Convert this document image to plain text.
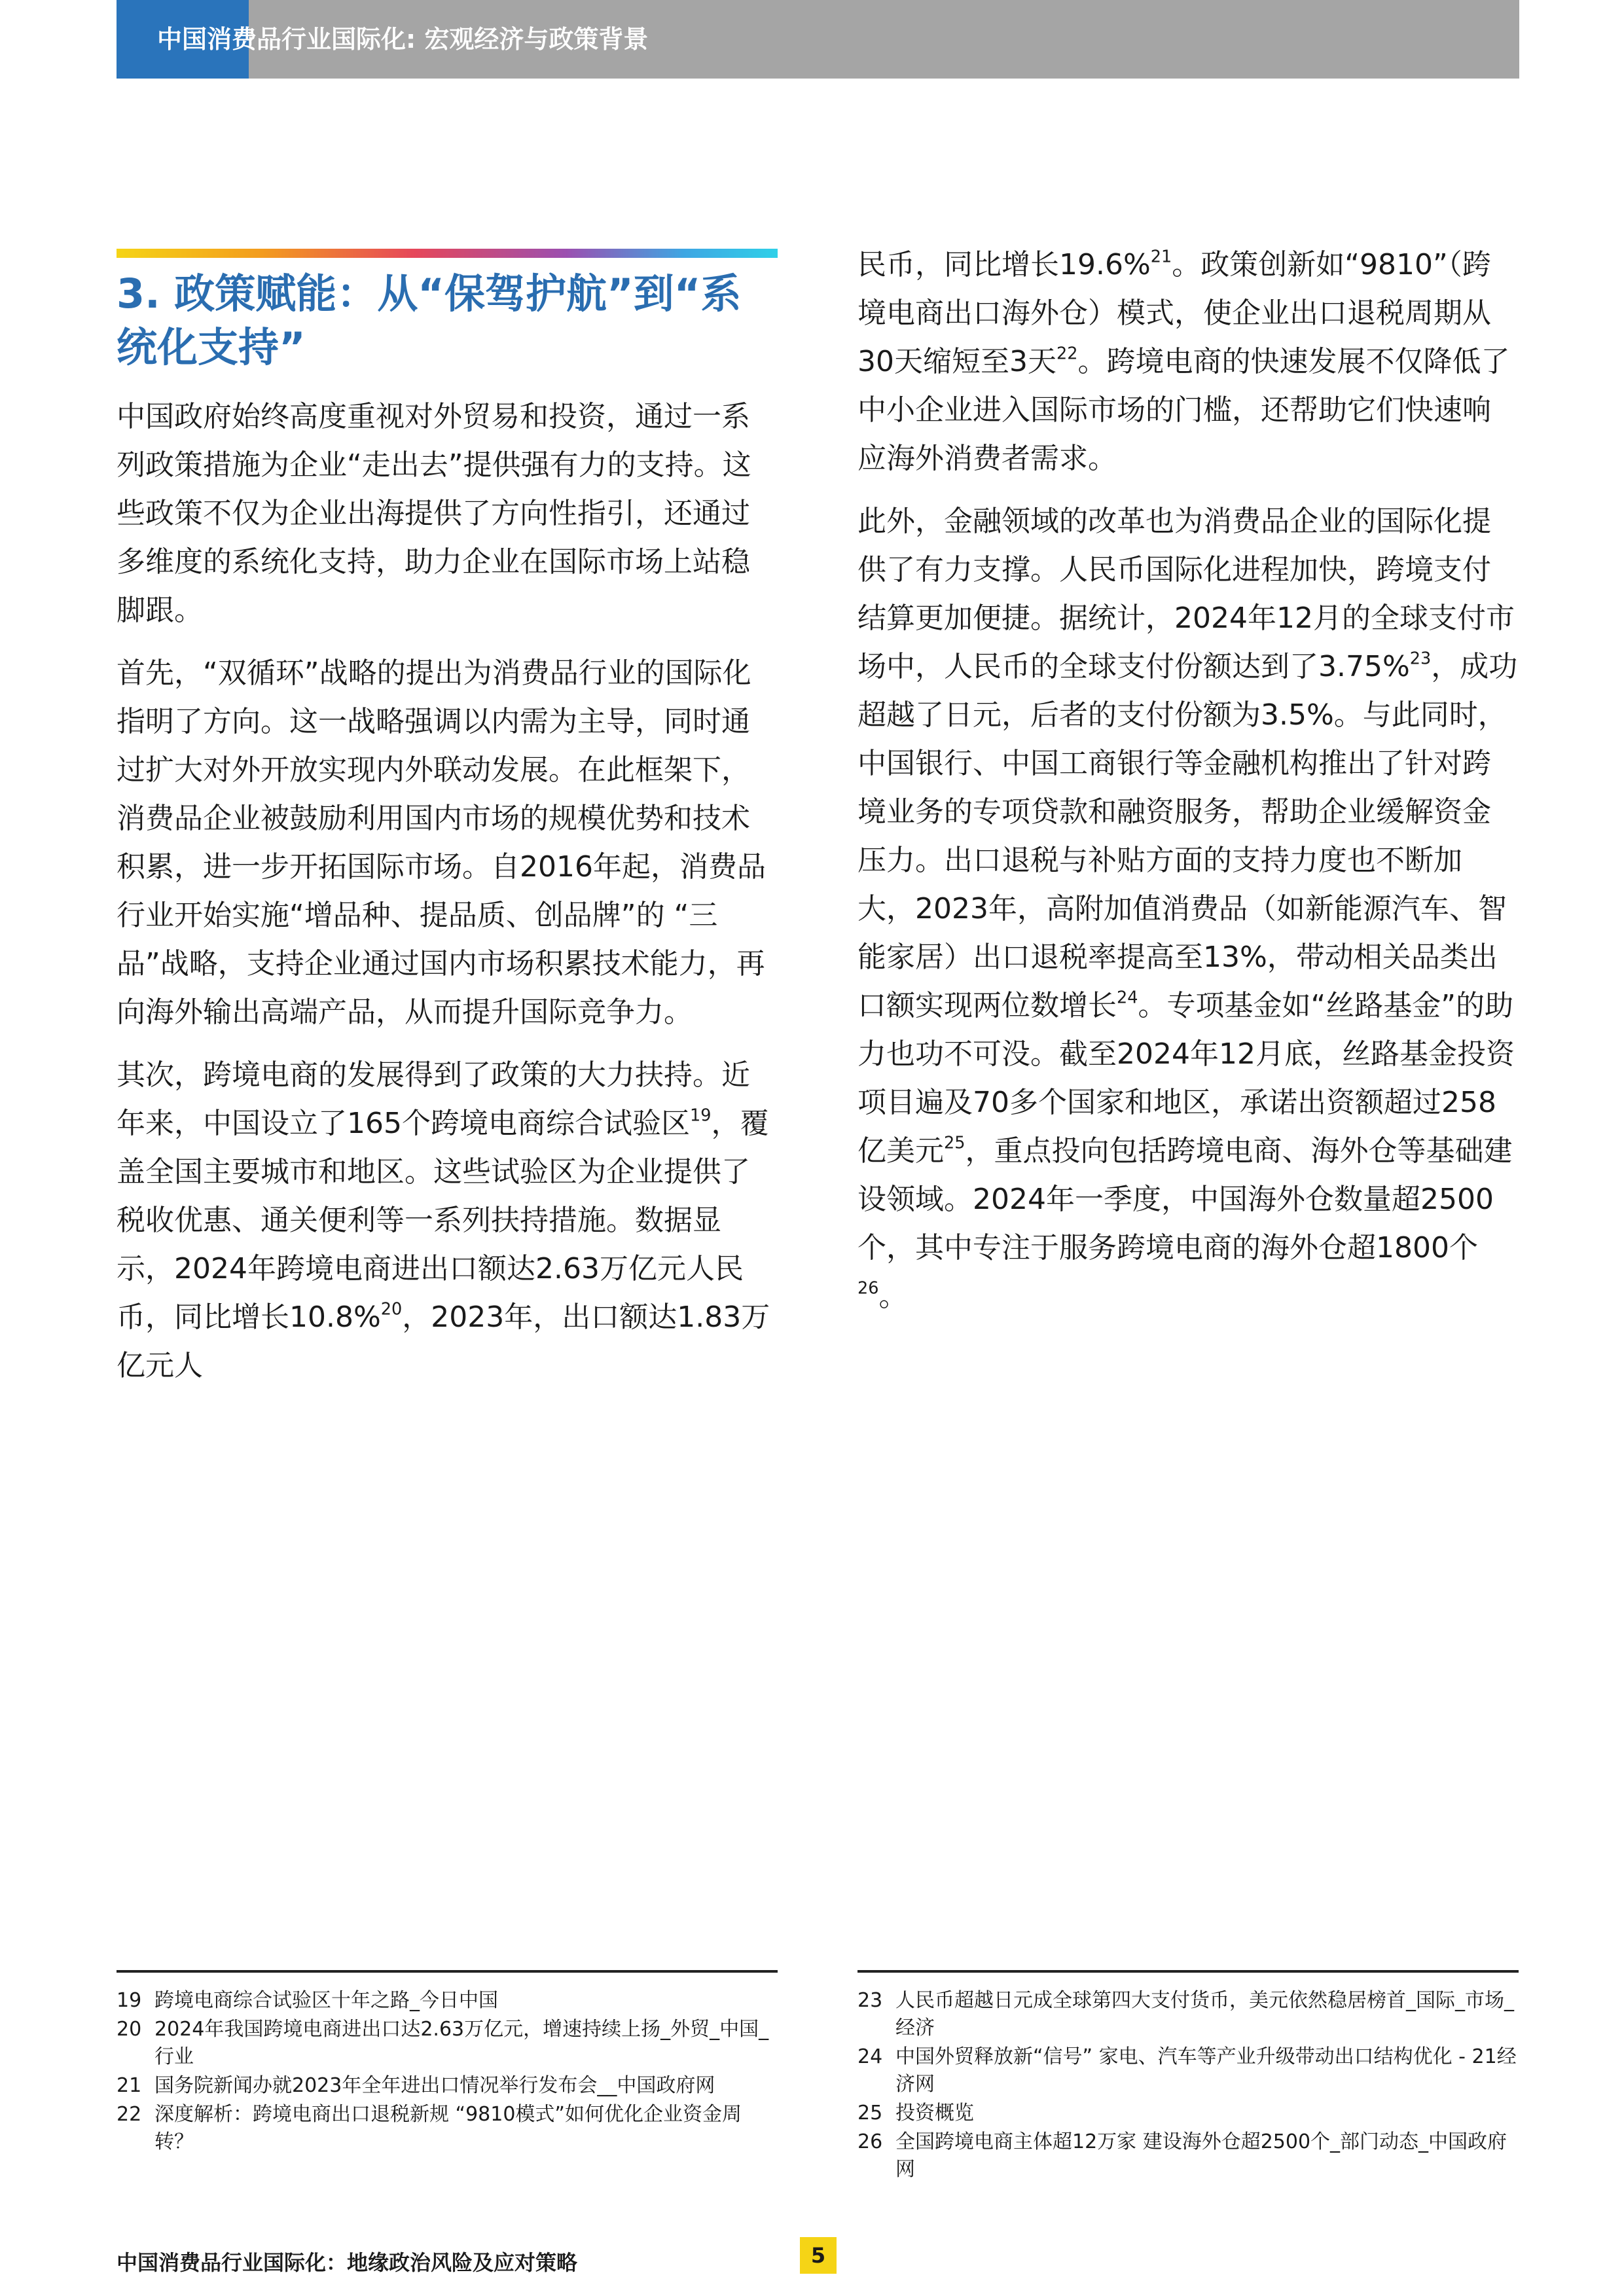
中国消费品行业国际化: 宏观经济与政策背景
3. 政策赋能：从“保驾护航”到“系统化支持”

中国政府始终高度重视对外贸易和投资，通过一系列政策措施为企业“走出去”提供强有力的支持。这些政策不仅为企业出海提供了方向性指引，还通过多维度的系统化支持，助力企业在国际市场上站稳脚跟。

首先，“双循环”战略的提出为消费品行业的国际化指明了方向。这一战略强调以内需为主导，同时通过扩大对外开放实现内外联动发展。在此框架下，消费品企业被鼓励利用国内市场的规模优势和技术积累，进一步开拓国际市场。自2016年起，消费品行业开始实施“增品种、提品质、创品牌”的 “三品”战略，支持企业通过国内市场积累技术能力，再向海外输出高端产品，从而提升国际竞争力。

其次，跨境电商的发展得到了政策的大力扶持。近年来，中国设立了165个跨境电商综合试验区$^{19}$，覆盖全国主要城市和地区。这些试验区为企业提供了税收优惠、通关便利等一系列扶持措施。数据显示，2024年跨境电商进出口额达2.63万亿元人民币，同比增长10.8%$^{20}$，2023年，出口额达1.83万亿元人

民币，同比增长19.6%$^{21}$。政策创新如“9810”（跨境电商出口海外仓）模式，使企业出口退税周期从30天缩短至3天$^{22}$。跨境电商的快速发展不仅降低了中小企业进入国际市场的门槛，还帮助它们快速响应海外消费者需求。

此外，金融领域的改革也为消费品企业的国际化提供了有力支撑。人民币国际化进程加快，跨境支付结算更加便捷。据统计，2024年12月的全球支付市场中，人民币的全球支付份额达到了3.75%$^{23}$，成功超越了日元，后者的支付份额为3.5%。与此同时，中国银行、中国工商银行等金融机构推出了针对跨境业务的专项贷款和融资服务，帮助企业缓解资金压力。出口退税与补贴方面的支持力度也不断加大，2023年，高附加值消费品（如新能源汽车、智能家居）出口退税率提高至13%，带动相关品类出口额实现两位数增长$^{24}$。专项基金如“丝路基金”的助力也功不可没。截至2024年12月底，丝路基金投资项目遍及70多个国家和地区，承诺出资额超过258亿美元$^{25}$，重点投向包括跨境电商、海外仓等基础建设领域。2024年一季度，中国海外仓数量超2500个，其中专注于服务跨境电商的海外仓超1800个$^{26}$。

19 跨境电商综合试验区十年之路_今日中国
20 2024年我国跨境电商进出口达2.63万亿元，增速持续上扬_外贸_中国_行业
21 国务院新闻办就2023年全年进出口情况举行发布会__中国政府网
22 深度解析：跨境电商出口退税新规 “9810模式”如何优化企业资金周转？
23 人民币超越日元成全球第四大支付货币，美元依然稳居榜首_国际_市场_经济
24 中国外贸释放新“信号” 家电、汽车等产业升级带动出口结构优化 - 21经济网
25 投资概览
26 全国跨境电商主体超12万家 建设海外仓超2500个_部门动态_中国政府网
中国消费品行业国际化：地缘政治风险及应对策略	5
